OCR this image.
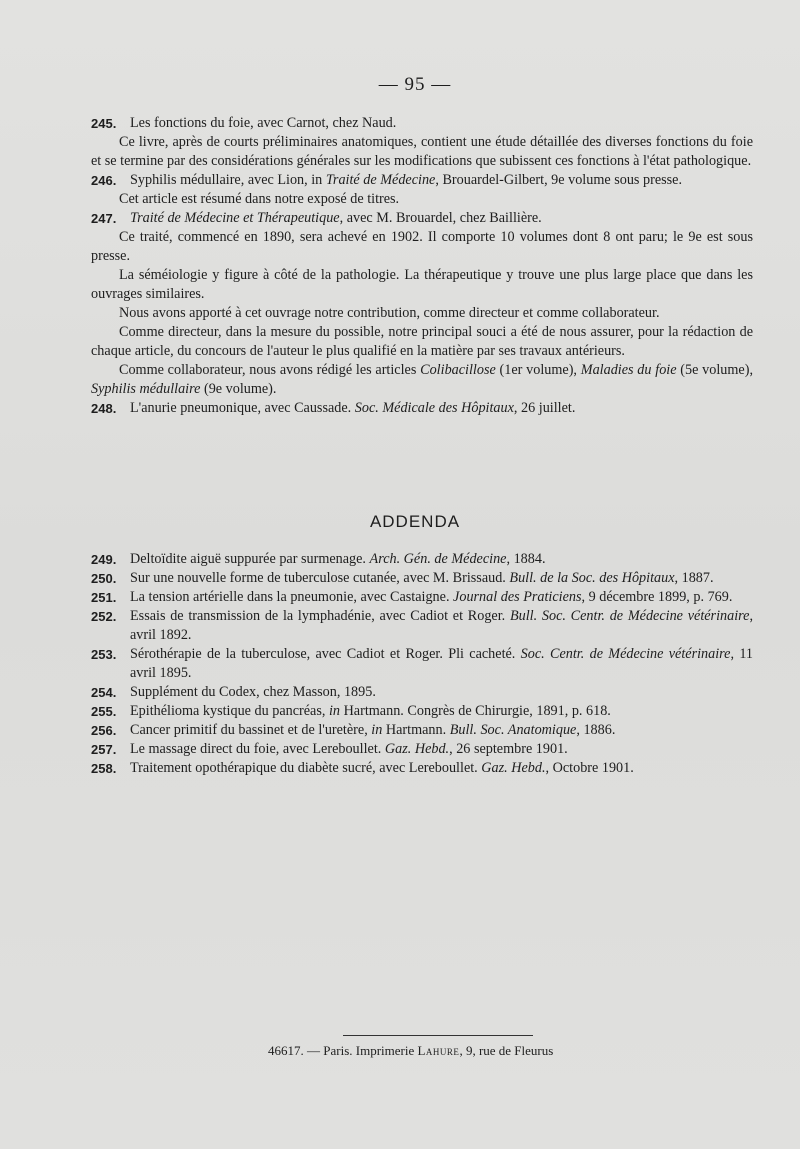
— 95 —
245. Les fonctions du foie, avec Carnot, chez Naud.

Ce livre, après de courts préliminaires anatomiques, contient une étude détaillée des diverses fonctions du foie et se termine par des considérations générales sur les modifications que subissent ces fonctions à l'état pathologique.

246. Syphilis médullaire, avec Lion, in Traité de Médecine, Brouardel-Gilbert, 9e volume sous presse.

Cet article est résumé dans notre exposé de titres.

247. Traité de Médecine et Thérapeutique, avec M. Brouardel, chez Baillière.

Ce traité, commencé en 1890, sera achevé en 1902. Il comporte 10 volumes dont 8 ont paru; le 9e est sous presse.

La séméiologie y figure à côté de la pathologie. La thérapeutique y trouve une plus large place que dans les ouvrages similaires.

Nous avons apporté à cet ouvrage notre contribution, comme directeur et comme collaborateur.

Comme directeur, dans la mesure du possible, notre principal souci a été de nous assurer, pour la rédaction de chaque article, du concours de l'auteur le plus qualifié en la matière par ses travaux antérieurs.

Comme collaborateur, nous avons rédigé les articles Colibacillose (1er volume), Maladies du foie (5e volume), Syphilis médullaire (9e volume).

248. L'anurie pneumonique, avec Caussade. Soc. Médicale des Hôpitaux, 26 juillet.

ADDENDA
249. Deltoïdite aiguë suppurée par surmenage. Arch. Gén. de Médecine, 1884.

250. Sur une nouvelle forme de tuberculose cutanée, avec M. Brissaud. Bull. de la Soc. des Hôpitaux, 1887.

251. La tension artérielle dans la pneumonie, avec Castaigne. Journal des Praticiens, 9 décembre 1899, p. 769.

252. Essais de transmission de la lymphadénie, avec Cadiot et Roger. Bull. Soc. Centr. de Médecine vétérinaire, avril 1892.

253. Sérothérapie de la tuberculose, avec Cadiot et Roger. Pli cacheté. Soc. Centr. de Médecine vétérinaire, 11 avril 1895.

254. Supplément du Codex, chez Masson, 1895.

255. Epithélioma kystique du pancréas, in Hartmann. Congrès de Chirurgie, 1891, p. 618.

256. Cancer primitif du bassinet et de l'uretère, in Hartmann. Bull. Soc. Anatomique, 1886.

257. Le massage direct du foie, avec Lereboullet. Gaz. Hebd., 26 septembre 1901.

258. Traitement opothérapique du diabète sucré, avec Lereboullet. Gaz. Hebd., Octobre 1901.

46617. — Paris. Imprimerie Lahure, 9, rue de Fleurus
